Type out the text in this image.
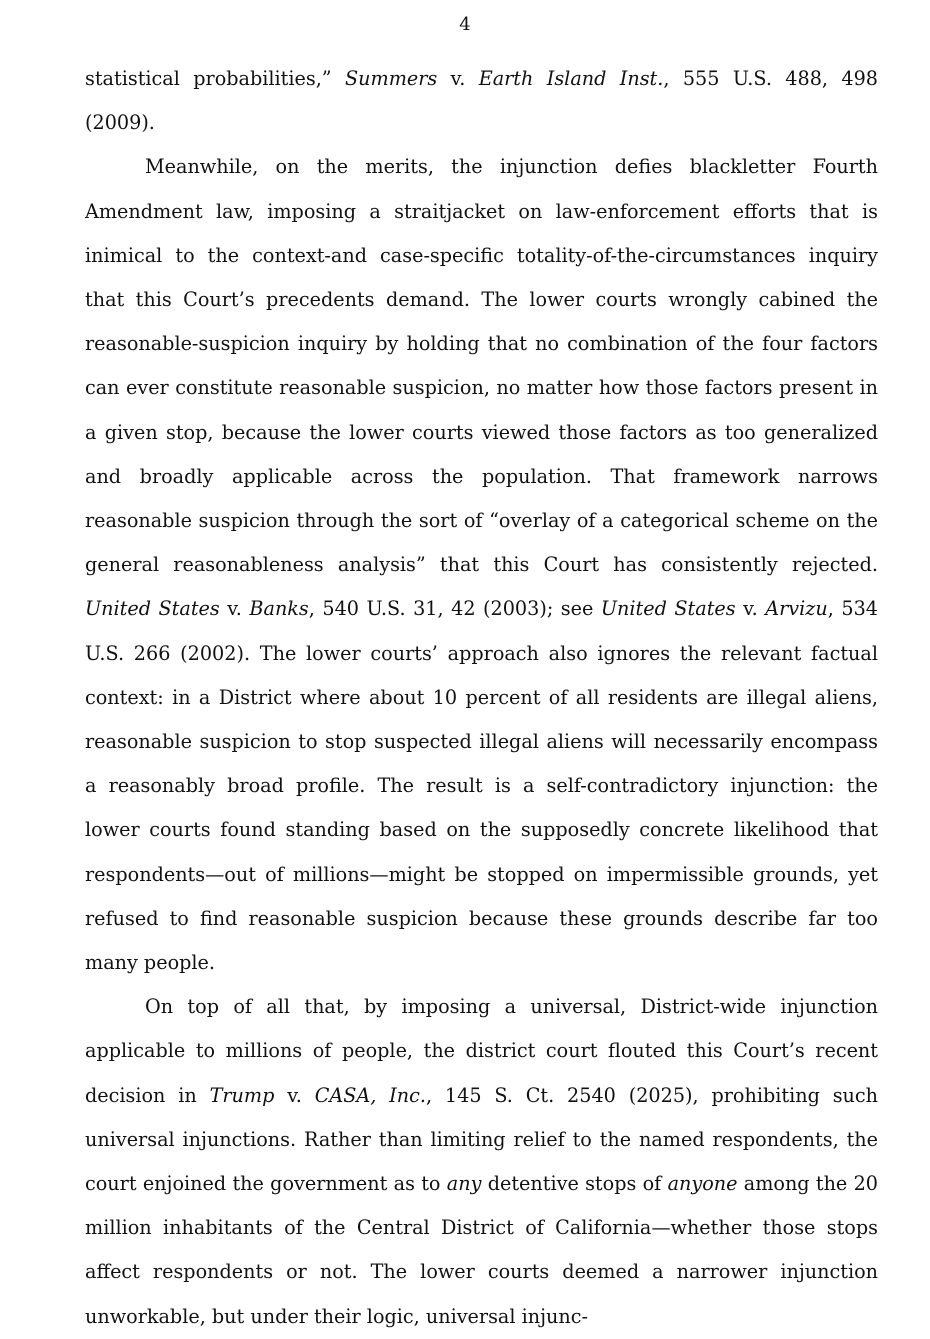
4

statistical probabilities,” Summers v. Earth Island Inst., 555 U.S. 488, 498 (2009).

Meanwhile, on the merits, the injunction defies blackletter Fourth Amendment law, imposing a straitjacket on law-enforcement efforts that is inimical to the context-and case-specific totality-of-the-circumstances inquiry that this Court’s precedents demand. The lower courts wrongly cabined the reasonable-suspicion inquiry by holding that no combination of the four factors can ever constitute reasonable suspicion, no matter how those factors present in a given stop, because the lower courts viewed those factors as too generalized and broadly applicable across the population. That framework narrows reasonable suspicion through the sort of “overlay of a categorical scheme on the general reasonableness analysis” that this Court has consistently rejected. United States v. Banks, 540 U.S. 31, 42 (2003); see United States v. Arvizu, 534 U.S. 266 (2002). The lower courts’ approach also ignores the relevant factual context: in a District where about 10 percent of all residents are illegal aliens, reasonable suspicion to stop suspected illegal aliens will necessarily encompass a reasonably broad profile. The result is a self-contradictory injunction: the lower courts found standing based on the supposedly concrete likelihood that respondents—out of millions—might be stopped on impermissible grounds, yet refused to find reasonable suspicion because these grounds describe far too many people.

On top of all that, by imposing a universal, District-wide injunction applicable to millions of people, the district court flouted this Court’s recent decision in Trump v. CASA, Inc., 145 S. Ct. 2540 (2025), prohibiting such universal injunctions. Rather than limiting relief to the named respondents, the court enjoined the government as to any detentive stops of anyone among the 20 million inhabitants of the Central District of California—whether those stops affect respondents or not. The lower courts deemed a narrower injunction unworkable, but under their logic, universal injunc-
